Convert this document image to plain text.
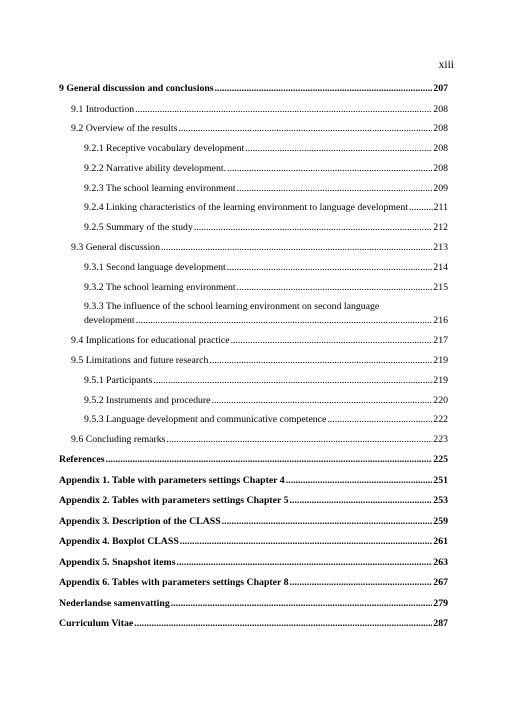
xiii
9 General discussion and conclusions .....	207
9.1 Introduction .....	208
9.2 Overview of the results .....	208
9.2.1 Receptive vocabulary development .....	208
9.2.2 Narrative ability development. .....	208
9.2.3 The school learning environment .....	209
9.2.4 Linking characteristics of the learning environment to language development .....	211
9.2.5 Summary of the study .....	212
9.3 General discussion .....	213
9.3.1 Second language development .....	214
9.3.2 The school learning environment .....	215
9.3.3 The influence of the school learning environment on second language
development .....	216
9.4 Implications for educational practice .....	217
9.5 Limitations and future research .....	219
9.5.1 Participants .....	219
9.5.2 Instruments and procedure .....	220
9.5.3 Language development and communicative competence .....	222
9.6 Concluding remarks .....	223
References .....	225
Appendix 1. Table with parameters settings Chapter 4 .....	251
Appendix 2. Tables with parameters settings Chapter 5 .....	253
Appendix 3. Description of the CLASS .....	259
Appendix 4. Boxplot CLASS .....	261
Appendix 5. Snapshot items .....	263
Appendix 6. Tables with parameters settings Chapter 8 .....	267
Nederlandse samenvatting .....	279
Curriculum Vitae .....	287
